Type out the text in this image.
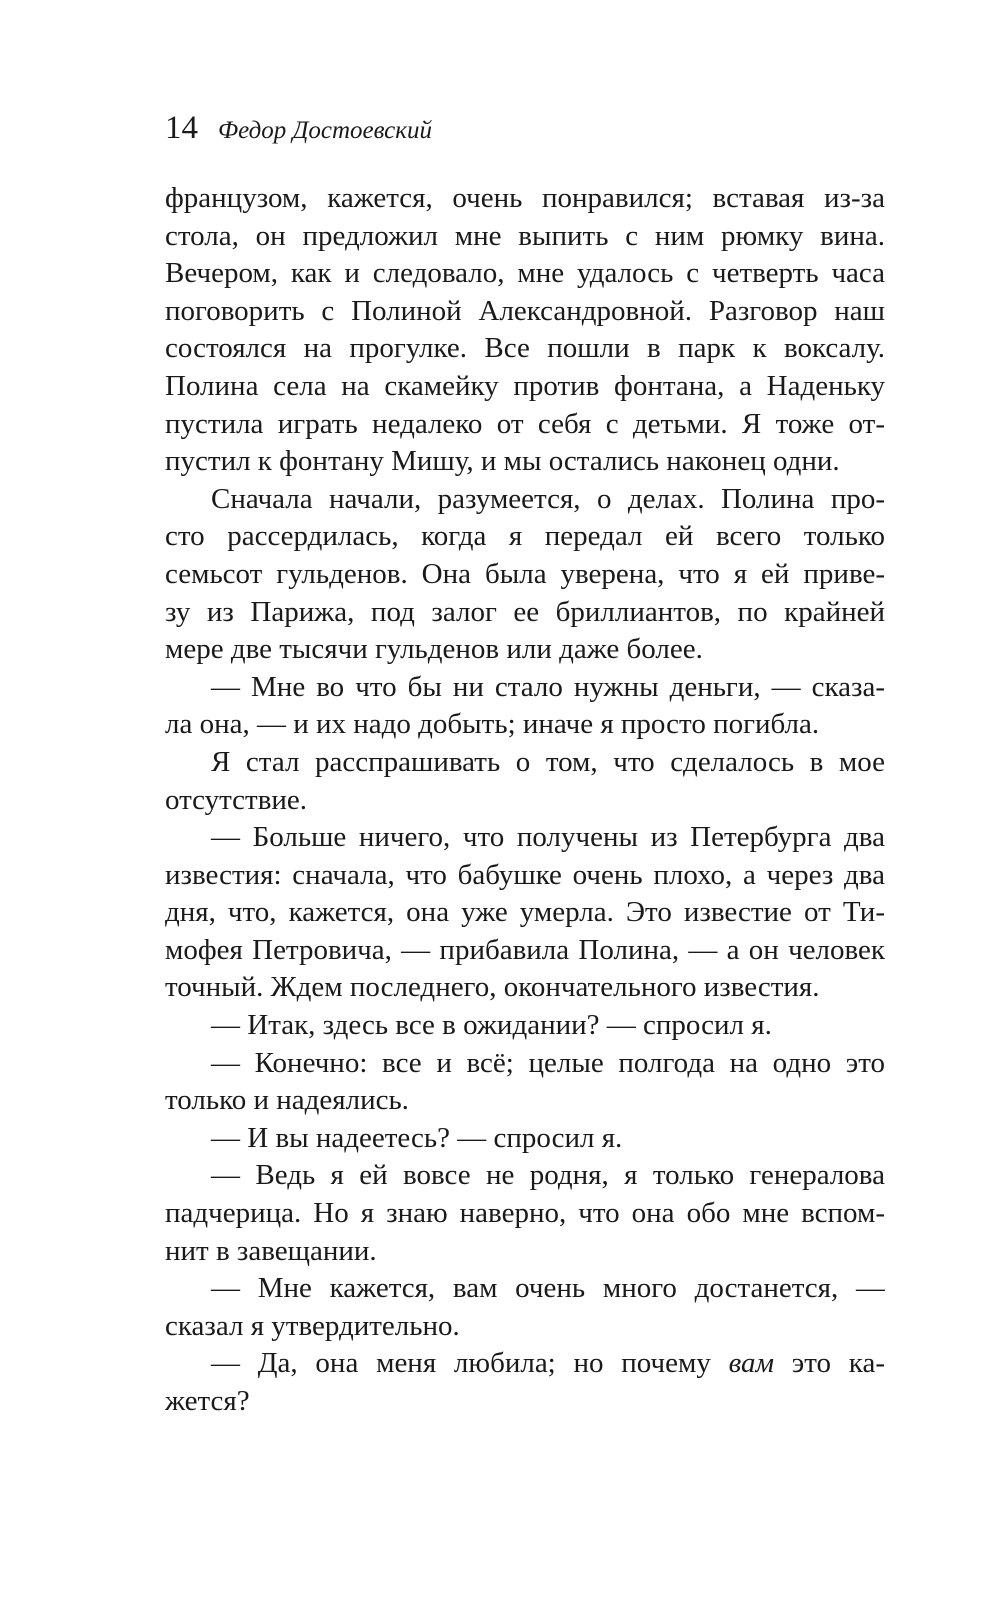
14 Федор Достоевский
французом, кажется, очень понравился; вставая из-за
стола, он предложил мне выпить с ним рюмку вина.
Вечером, как и следовало, мне удалось с четверть часа
поговорить с Полиной Александровной. Разговор наш
состоялся на прогулке. Все пошли в парк к воксалу.
Полина села на скамейку против фонтана, а Наденьку
пустила играть недалеко от себя с детьми. Я тоже от-
пустил к фонтану Мишу, и мы остались наконец одни.
Сначала начали, разумеется, о делах. Полина про-
сто рассердилась, когда я передал ей всего только
семьсот гульденов. Она была уверена, что я ей приве-
зу из Парижа, под залог ее бриллиантов, по крайней
мере две тысячи гульденов или даже более.
— Мне во что бы ни стало нужны деньги, — сказа-
ла она, — и их надо добыть; иначе я просто погибла.
Я стал расспрашивать о том, что сделалось в мое
отсутствие.
— Больше ничего, что получены из Петербурга два
известия: сначала, что бабушке очень плохо, а через два
дня, что, кажется, она уже умерла. Это известие от Ти-
мофея Петровича, — прибавила Полина, — а он человек
точный. Ждем последнего, окончательного известия.
— Итак, здесь все в ожидании? — спросил я.
— Конечно: все и всё; целые полгода на одно это
только и надеялись.
— И вы надеетесь? — спросил я.
— Ведь я ей вовсе не родня, я только генералова
падчерица. Но я знаю наверно, что она обо мне вспом-
нит в завещании.
— Мне кажется, вам очень много достанется, —
сказал я утвердительно.
— Да, она меня любила; но почему вам это ка-
жется?
